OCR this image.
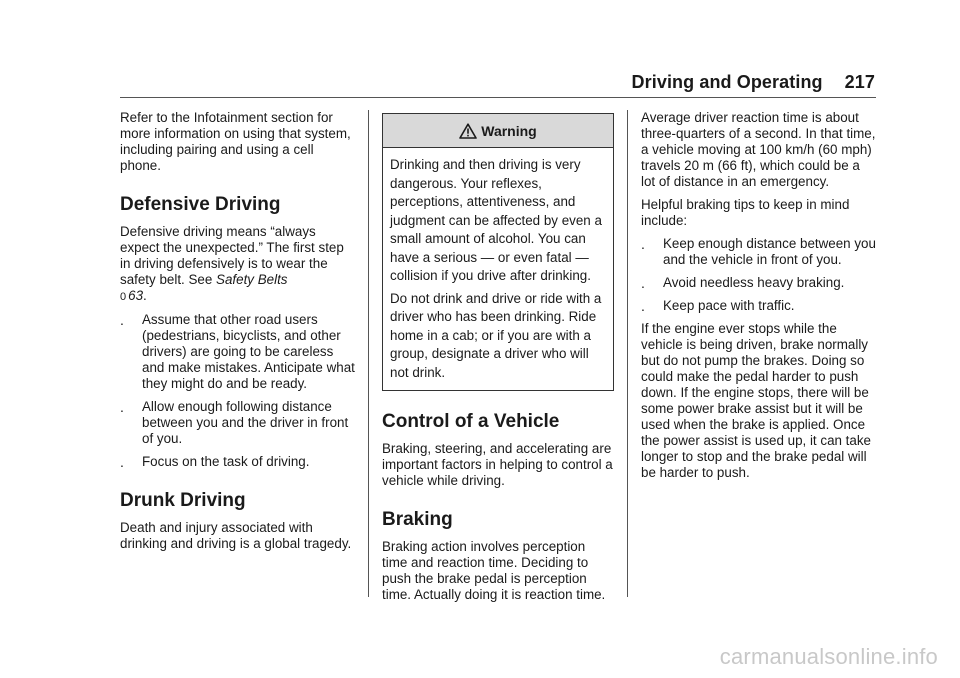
Driving and Operating 217

Refer to the Infotainment section for more information on using that system, including pairing and using a cell phone.

Defensive Driving

Defensive driving means “always expect the unexpected.” The first step in driving defensively is to wear the safety belt. See Safety Belts
0 63.

.	Assume that other road users (pedestrians, bicyclists, and other drivers) are going to be careless and make mistakes. Anticipate what they might do and be ready.
.	Allow enough following distance between you and the driver in front of you.
.	Focus on the task of driving.
Drunk Driving

Death and injury associated with drinking and driving is a global tragedy.

Warning

Drinking and then driving is very dangerous. Your reflexes, perceptions, attentiveness, and judgment can be affected by even a small amount of alcohol. You can have a serious — or even fatal — collision if you drive after drinking.

Do not drink and drive or ride with a driver who has been drinking. Ride home in a cab; or if you are with a group, designate a driver who will not drink.

Control of a Vehicle

Braking, steering, and accelerating are important factors in helping to control a vehicle while driving.

Braking

Braking action involves perception time and reaction time. Deciding to push the brake pedal is perception time. Actually doing it is reaction time.

Average driver reaction time is about three-quarters of a second. In that time, a vehicle moving at 100 km/h (60 mph) travels 20 m (66 ft), which could be a lot of distance in an emergency.

Helpful braking tips to keep in mind include:

.	Keep enough distance between you and the vehicle in front of you.
.	Avoid needless heavy braking.
.	Keep pace with traffic.

If the engine ever stops while the vehicle is being driven, brake normally but do not pump the brakes. Doing so could make the pedal harder to push down. If the engine stops, there will be some power brake assist but it will be used when the brake is applied. Once the power assist is used up, it can take longer to stop and the brake pedal will be harder to push.

carmanualsonline.info
